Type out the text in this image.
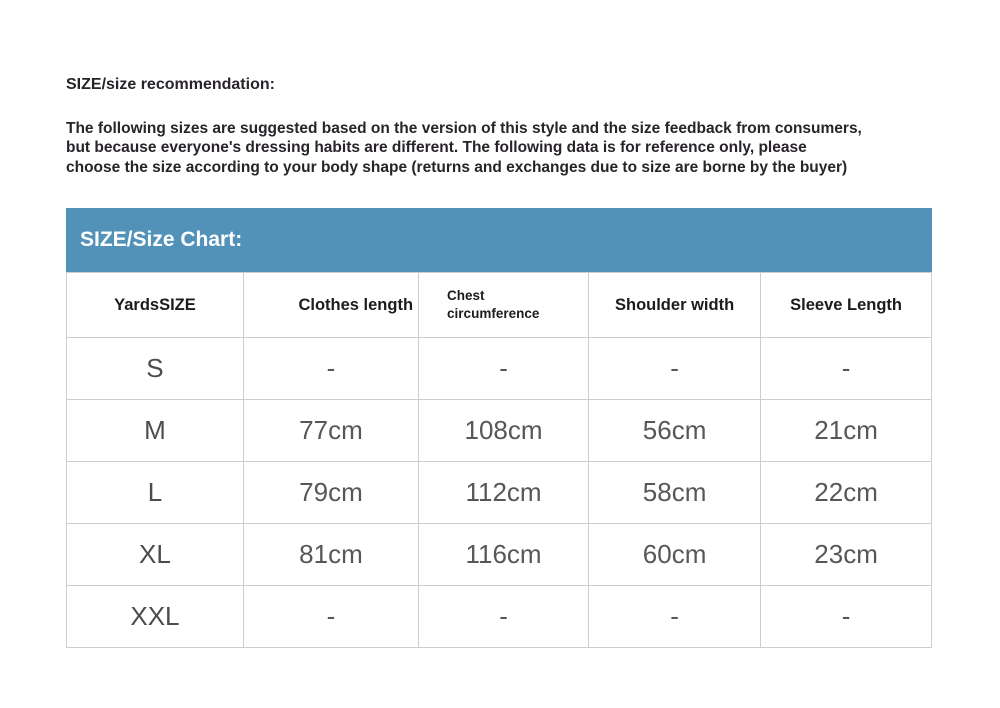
SIZE/size recommendation:
The following sizes are suggested based on the version of this style and the size feedback from consumers,
but because everyone's dressing habits are different. The following data is for reference only, please
choose the size according to your body shape (returns and exchanges due to size are borne by the buyer)
SIZE/Size Chart:
YardsSIZE	Clothes length	Chest circumference	Shoulder width	Sleeve Length
S	-	-	-	-
M	77cm	108cm	56cm	21cm
L	79cm	112cm	58cm	22cm
XL	81cm	116cm	60cm	23cm
XXL	-	-	-	-
